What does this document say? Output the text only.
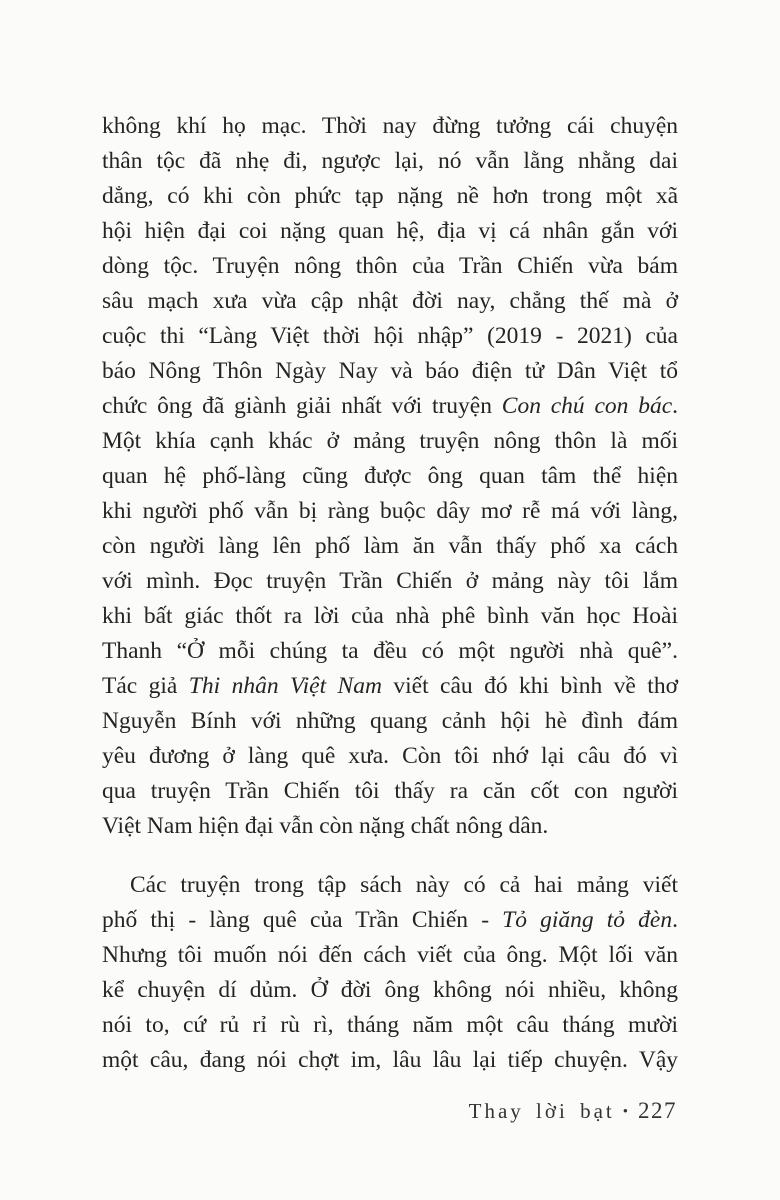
không khí họ mạc. Thời nay đừng tưởng cái chuyện
thân tộc đã nhẹ đi, ngược lại, nó vẫn lằng nhằng dai
dẳng, có khi còn phức tạp nặng nề hơn trong một xã
hội hiện đại coi nặng quan hệ, địa vị cá nhân gắn với
dòng tộc. Truyện nông thôn của Trần Chiến vừa bám
sâu mạch xưa vừa cập nhật đời nay, chẳng thế mà ở
cuộc thi “Làng Việt thời hội nhập” (2019 - 2021) của
báo Nông Thôn Ngày Nay và báo điện tử Dân Việt tổ
chức ông đã giành giải nhất với truyện Con chú con bác.
Một khía cạnh khác ở mảng truyện nông thôn là mối
quan hệ phố-làng cũng được ông quan tâm thể hiện
khi người phố vẫn bị ràng buộc dây mơ rễ má với làng,
còn người làng lên phố làm ăn vẫn thấy phố xa cách
với mình. Đọc truyện Trần Chiến ở mảng này tôi lắm
khi bất giác thốt ra lời của nhà phê bình văn học Hoài
Thanh “Ở mỗi chúng ta đều có một người nhà quê”.
Tác giả Thi nhân Việt Nam viết câu đó khi bình về thơ
Nguyễn Bính với những quang cảnh hội hè đình đám
yêu đương ở làng quê xưa. Còn tôi nhớ lại câu đó vì
qua truyện Trần Chiến tôi thấy ra căn cốt con người
Việt Nam hiện đại vẫn còn nặng chất nông dân.
Các truyện trong tập sách này có cả hai mảng viết
phố thị - làng quê của Trần Chiến - Tỏ giăng tỏ đèn.
Nhưng tôi muốn nói đến cách viết của ông. Một lối văn
kể chuyện dí dủm. Ở đời ông không nói nhiều, không
nói to, cứ rủ rỉ rù rì, tháng năm một câu tháng mười
một câu, đang nói chợt im, lâu lâu lại tiếp chuyện. Vậy
Thay lời bạt • 227
